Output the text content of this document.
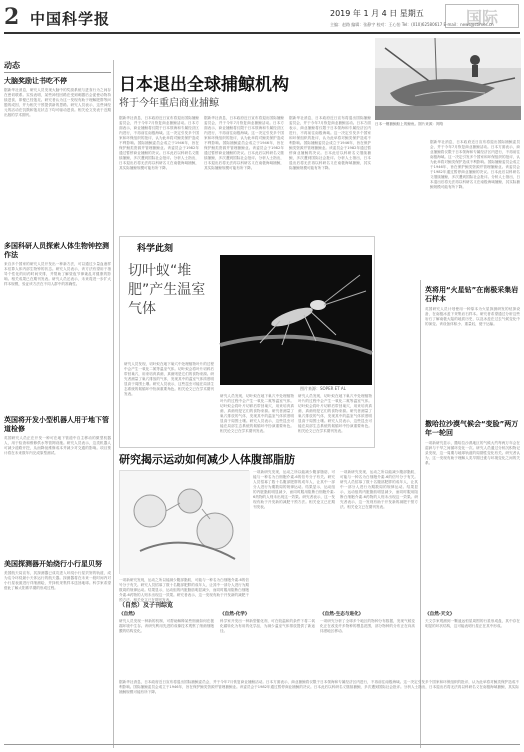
2 中国科学报	2019 年 1 月 4 日 星期五	国际
主编：赵路 编辑：张静宇 校对：王心怡 Tel：(010)62580617 E-mail：news@stimes.cn
动态
大脑奖励让书吃不停
据新华社消息，研究人员发现大脑中的奖励系统与进食行为之间存在密切联系。实验表明，某些神经回路在受到刺激后会促使动物持续进食，即便已经饱足。研究者认为这一发现有助于理解肥胖等问题的成因，并为相关干预提供新的思路。研究人员表示，这些神经元的活动在饥饿和饱足状态下均可驱动进食。相关论文发表于近期出版的学术期刊。
多国科研人员探索人体生物钟控测作法
来自多个国家的研究人员开发出一种新方法，可以通过少量血液样本估算人体内部生物钟的状态。研究人员表示，该方法有望用于指导个性化的用药时间安排，并帮助了解昼夜节律紊乱对健康的影响。相关成果已在期刊发表。研究人员还表示，未来将进一步扩大样本规模，验证该方法在不同人群中的准确性。
英国将开发小型机器人用于地下管道检修
英国研究人员正在开发一种可在地下管道中自主移动的微型机器人，用于检查和维修供水等管网设施。研究人员表示，这类机器人可减少道路开挖，从而降低维修成本并减少对交通的影响。项目预计将在未来数年内完成原型测试。
美国探测器开始绕行小行星贝努
美国航天局宣布，其探测器已成功进入环绕小行星贝努的轨道，成为迄今环绕最小天体运行的航天器。探测器将在未来一段时间内对小行星表面进行详细测绘，并择机采集样本送回地球。科学家希望借此了解太阳系早期的形成过程。
日本退出全球捕鲸机构
将于今年重启商业捕鲸
据新华社消息，日本政府近日宣布将退出国际捕鲸委员会，并于今年7月恢复商业捕鲸活动。日本方面表示，商业捕鲸将仅限于日本领海和专属经济区内进行，不再前往南极海域。这一决定引发多个国家和环保组织的批评，认为此举将对鲸类保护造成不利影响。国际捕鲸委员会成立于1946年，旨在保护鲸类资源并管理捕鲸业。该委员会于1982年通过暂停商业捕鲸的决议。日本此后以科研名义继续捕鲸，多次遭到国际社会批评。分析人士指出，日本退出后将无法再以科研名义在南极海域捕鲸，其实际捕鲸规模可能有所下降。
据新华社消息，日本政府近日宣布将退出国际捕鲸委员会，并于今年7月恢复商业捕鲸活动。日本方面表示，商业捕鲸将仅限于日本领海和专属经济区内进行，不再前往南极海域。这一决定引发多个国家和环保组织的批评，认为此举将对鲸类保护造成不利影响。国际捕鲸委员会成立于1946年，旨在保护鲸类资源并管理捕鲸业。该委员会于1982年通过暂停商业捕鲸的决议。日本此后以科研名义继续捕鲸，多次遭到国际社会批评。分析人士指出，日本退出后将无法再以科研名义在南极海域捕鲸，其实际捕鲸规模可能有所下降。
据新华社消息，日本政府近日宣布将退出国际捕鲸委员会，并于今年7月恢复商业捕鲸活动。日本方面表示，商业捕鲸将仅限于日本领海和专属经济区内进行，不再前往南极海域。这一决定引发多个国家和环保组织的批评，认为此举将对鲸类保护造成不利影响。国际捕鲸委员会成立于1946年，旨在保护鲸类资源并管理捕鲸业。该委员会于1982年通过暂停商业捕鲸的决议。日本此后以科研名义继续捕鲸，多次遭到国际社会批评。分析人士指出，日本退出后将无法再以科研名义在南极海域捕鲸，其实际捕鲸规模可能有所下降。
日本一艘捕鲸船上的鲸鱼。图片来源：网络
据新华社消息，日本政府近日宣布将退出国际捕鲸委员会，并于今年7月恢复商业捕鲸活动。日本方面表示，商业捕鲸将仅限于日本领海和专属经济区内进行，不再前往南极海域。这一决定引发多个国家和环保组织的批评，认为此举将对鲸类保护造成不利影响。国际捕鲸委员会成立于1946年，旨在保护鲸类资源并管理捕鲸业。该委员会于1982年通过暂停商业捕鲸的决议。日本此后以科研名义继续捕鲸，多次遭到国际社会批评。分析人士指出，日本退出后将无法再以科研名义在南极海域捕鲸，其实际捕鲸规模可能有所下降。
科学此刻
切叶蚁“堆肥”产生温室气体
图片来源：SOPER ET AL
研究人员发现，切叶蚁在地下巢穴中处理植物叶片的过程中会产生一氧化二氮等温室气体。切叶蚁会将叶片切碎后带回巢穴，用来培育真菌，真菌则是它们的食物来源。研究者测量了巢穴排放的气体，发现其中的温室气体浓度明显高于周围土壤。研究人员表示，这些昆虫可能在局部生态系统的氮循环中扮演重要角色。相关论文已在学术期刊发表。	研究人员发现，切叶蚁在地下巢穴中处理植物叶片的过程中会产生一氧化二氮等温室气体。切叶蚁会将叶片切碎后带回巢穴，用来培育真菌，真菌则是它们的食物来源。研究者测量了巢穴排放的气体，发现其中的温室气体浓度明显高于周围土壤。研究人员表示，这些昆虫可能在局部生态系统的氮循环中扮演重要角色。相关论文已在学术期刊发表。
研究人员发现，切叶蚁在地下巢穴中处理植物叶片的过程中会产生一氧化二氮等温室气体。切叶蚁会将叶片切碎后带回巢穴，用来培育真菌，真菌则是它们的食物来源。研究者测量了巢穴排放的气体，发现其中的温室气体浓度明显高于周围土壤。研究人员表示，这些昆虫可能在局部生态系统的氮循环中扮演重要角色。相关论文已在学术期刊发表。
英将用“火星钻”在南极采集岩石样本
英国研究人员计划使用一种原本为火星探测研发的钻探设备，在南极冰盖下采集岩石样本。研究者希望通过分析这些岩石了解南极大陆的地质历史，以及冰盖在过去气候变化中的演变。该设备体积小、重量轻，便于运输。
撒哈拉沙漠气候会“变脸”两万年一轮回
一项新研究显示，撒哈拉沙漠地区的气候大约每两万年会在湿润与干旱之间循环变化一次。研究人员通过分析沉积物记录发现，这一周期与地球轨道的周期性变化有关。研究者认为，这一发现有助于理解人类早期迁徙与环境变化之间的关系。
研究揭示运动如何减少人体腹部脂肪
一项新研究发现，运动之所以能减少腹部脂肪，可能与一种名为白细胞介素-6的信号分子有关。研究人员招募了数十名腹部肥胖的成年人，让其中一部分人进行为期数周的规律运动。结果显示，运动组的内脏脂肪明显减少，而同时服用阻断白细胞介素-6药物的人则未出现这一效果。研究者表示，这一发现有助于开发新的减肥干预方法。相关论文已在期刊发表。
一项新研究发现，运动之所以能减少腹部脂肪，可能与一种名为白细胞介素-6的信号分子有关。研究人员招募了数十名腹部肥胖的成年人，让其中一部分人进行为期数周的规律运动。结果显示，运动组的内脏脂肪明显减少，而同时服用阻断白细胞介素-6药物的人则未出现这一效果。研究者表示，这一发现有助于开发新的减肥干预方法。相关论文已在期刊发表。
一项新研究发现，运动之所以能减少腹部脂肪，可能与一种名为白细胞介素-6的信号分子有关。研究人员招募了数十名腹部肥胖的成年人，让其中一部分人进行为期数周的规律运动。结果显示，运动组的内脏脂肪明显减少，而同时服用阻断白细胞介素-6药物的人则未出现这一效果。研究者表示，这一发现有助于开发新的减肥干预方法。相关论文已在期刊发表。
（自然）及子刊综览
《自然》
研究人员发现一种新的机制，可帮助解释某些细菌如何在极端环境中生存。该研究利用先进的成像技术观察了细菌细胞膜的结构变化。
《自然-化学》
科学家开发出一种新型催化剂，可在较温和的条件下将二氧化碳转化为有用的化学品，为减少温室气体排放提供了新途径。
《自然-生态与进化》
一项研究分析了全球多个地区的物种分布数据，发现气候变化正在改变许多物种的栖息范围，部分物种的分布正在向高纬度地区移动。
《自然-天文》
天文学家观测到一颗遥远恒星周围的行星形成盘，其中存在明显的环状结构，这可能表明行星正在其中形成。
据新华社消息，日本政府近日宣布将退出国际捕鲸委员会，并于今年7月恢复商业捕鲸活动。日本方面表示，商业捕鲸将仅限于日本领海和专属经济区内进行，不再前往南极海域。这一决定引发多个国家和环保组织的批评，认为此举将对鲸类保护造成不利影响。国际捕鲸委员会成立于1946年，旨在保护鲸类资源并管理捕鲸业。该委员会于1982年通过暂停商业捕鲸的决议。日本此后以科研名义继续捕鲸，多次遭到国际社会批评。分析人士指出，日本退出后将无法再以科研名义在南极海域捕鲸，其实际捕鲸规模可能有所下降。
